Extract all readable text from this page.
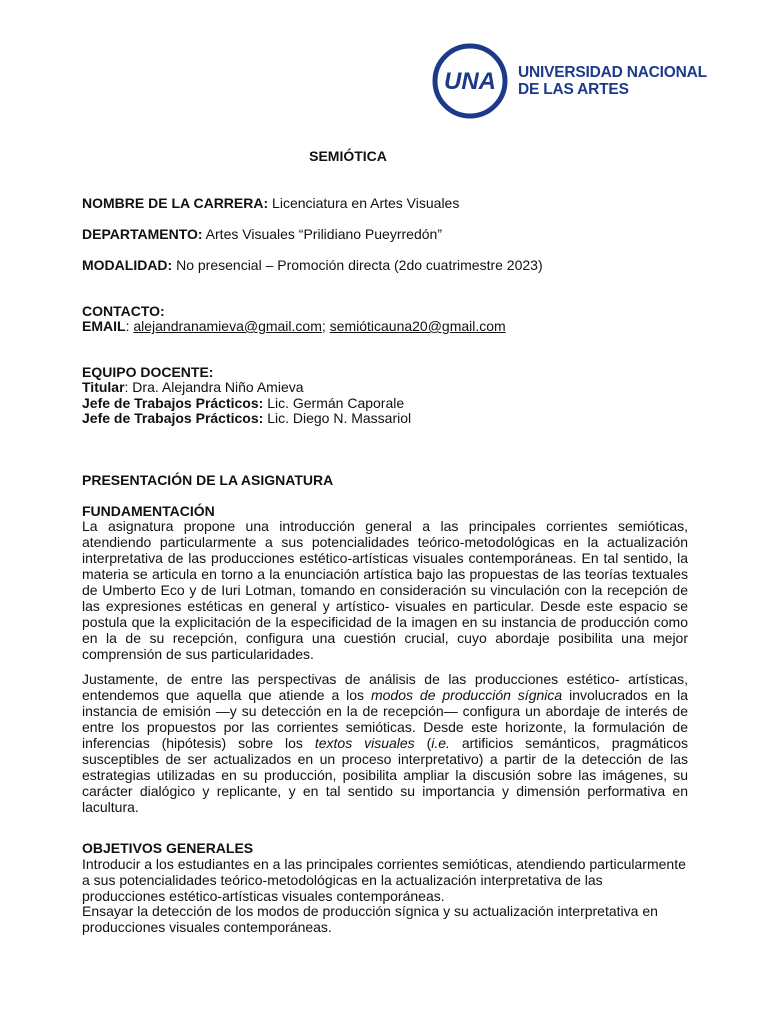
UNA UNIVERSIDAD NACIONAL
DE LAS ARTES
SEMIÓTICA
NOMBRE DE LA CARRERA: Licenciatura en Artes Visuales
DEPARTAMENTO: Artes Visuales “Prilidiano Pueyrredón”
MODALIDAD: No presencial – Promoción directa (2do cuatrimestre 2023)
CONTACTO:
EMAIL: alejandranamieva@gmail.com; semióticauna20@gmail.com
EQUIPO DOCENTE:
Titular: Dra. Alejandra Niño Amieva
Jefe de Trabajos Prácticos: Lic. Germán Caporale
Jefe de Trabajos Prácticos: Lic. Diego N. Massariol
PRESENTACIÓN DE LA ASIGNATURA
FUNDAMENTACIÓN
La asignatura propone una introducción general a las principales corrientes semióticas, atendiendo particularmente a sus potencialidades teórico-metodológicas en la actualización interpretativa de las producciones estético-artísticas visuales contemporáneas. En tal sentido, la materia se articula en torno a la enunciación artística bajo las propuestas de las teorías textuales de Umberto Eco y de Iuri Lotman, tomando en consideración su vinculación con la recepción de las expresiones estéticas en general y artístico- visuales en particular. Desde este espacio se postula que la explicitación de la especificidad de la imagen en su instancia de producción como en la de su recepción, configura una cuestión crucial, cuyo abordaje posibilita una mejor comprensión de sus particularidades.
Justamente, de entre las perspectivas de análisis de las producciones estético- artísticas, entendemos que aquella que atiende a los modos de producción sígnica involucrados en la instancia de emisión —y su detección en la de recepción— configura un abordaje de interés de entre los propuestos por las corrientes semióticas. Desde este horizonte, la formulación de inferencias (hipótesis) sobre los textos visuales (i.e. artificios semánticos, pragmáticos susceptibles de ser actualizados en un proceso interpretativo) a partir de la detección de las estrategias utilizadas en su producción, posibilita ampliar la discusión sobre las imágenes, su carácter dialógico y replicante, y en tal sentido su importancia y dimensión performativa en lacultura.
OBJETIVOS GENERALES
Introducir a los estudiantes en a las principales corrientes semióticas, atendiendo particularmente a sus potencialidades teórico-metodológicas en la actualización interpretativa de las producciones estético-artísticas visuales contemporáneas.
Ensayar la detección de los modos de producción sígnica y su actualización interpretativa en producciones visuales contemporáneas.
